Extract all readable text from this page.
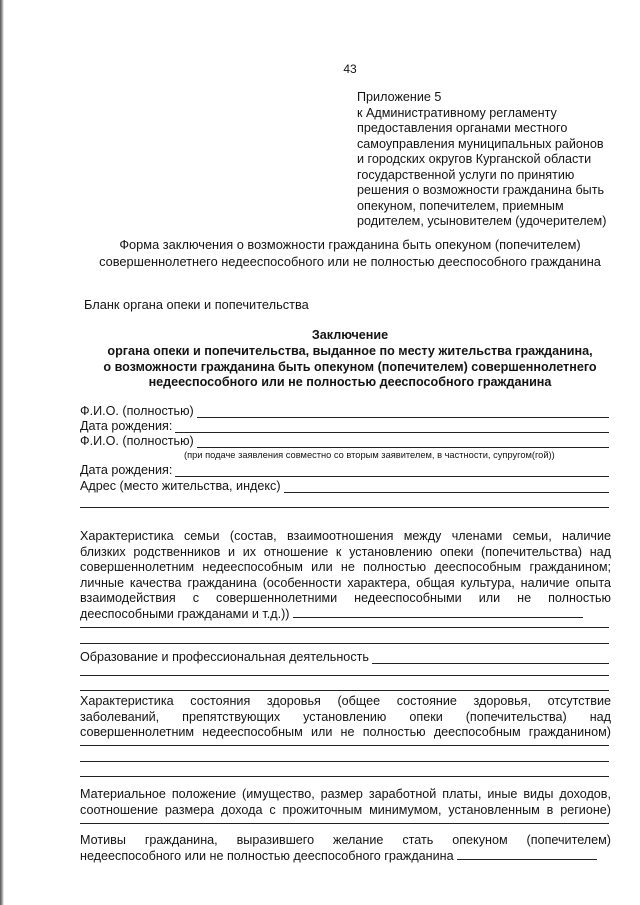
43
Приложение 5
к Административному регламенту
предоставления органами местного
самоуправления муниципальных районов
и городских округов Курганской области
государственной услуги по принятию
решения о возможности гражданина быть
опекуном, попечителем, приемным
родителем, усыновителем (удочерителем)
Форма заключения о возможности гражданина быть опекуном (попечителем)
совершеннолетнего недееспособного или не полностью дееспособного гражданина
Бланк органа опеки и попечительства
Заключение
органа опеки и попечительства, выданное по месту жительства гражданина,
о возможности гражданина быть опекуном (попечителем) совершеннолетнего
недееспособного или не полностью дееспособного гражданина
Ф.И.О. (полностью)
Дата рождения:
Ф.И.О. (полностью)
(при подаче заявления совместно со вторым заявителем, в частности, супругом(гой))
Дата рождения:
Адрес (место жительства, индекс)
Характеристика семьи (состав, взаимоотношения между членами семьи, наличие
близких родственников и их отношение к установлению опеки (попечительства) над
совершеннолетним недееспособным или не полностью дееспособным гражданином;
личные качества гражданина (особенности характера, общая культура, наличие опыта
взаимодействия с совершеннолетними недееспособными или не полностью
дееспособными гражданами и т.д.))
Образование и профессиональная деятельность
Характеристика состояния здоровья (общее состояние здоровья, отсутствие
заболеваний, препятствующих установлению опеки (попечительства) над
совершеннолетним недееспособным или не полностью дееспособным гражданином)
Материальное положение (имущество, размер заработной платы, иные виды доходов,
соотношение размера дохода с прожиточным минимумом, установленным в регионе)
Мотивы гражданина, выразившего желание стать опекуном (попечителем)
недееспособного или не полностью дееспособного гражданина
